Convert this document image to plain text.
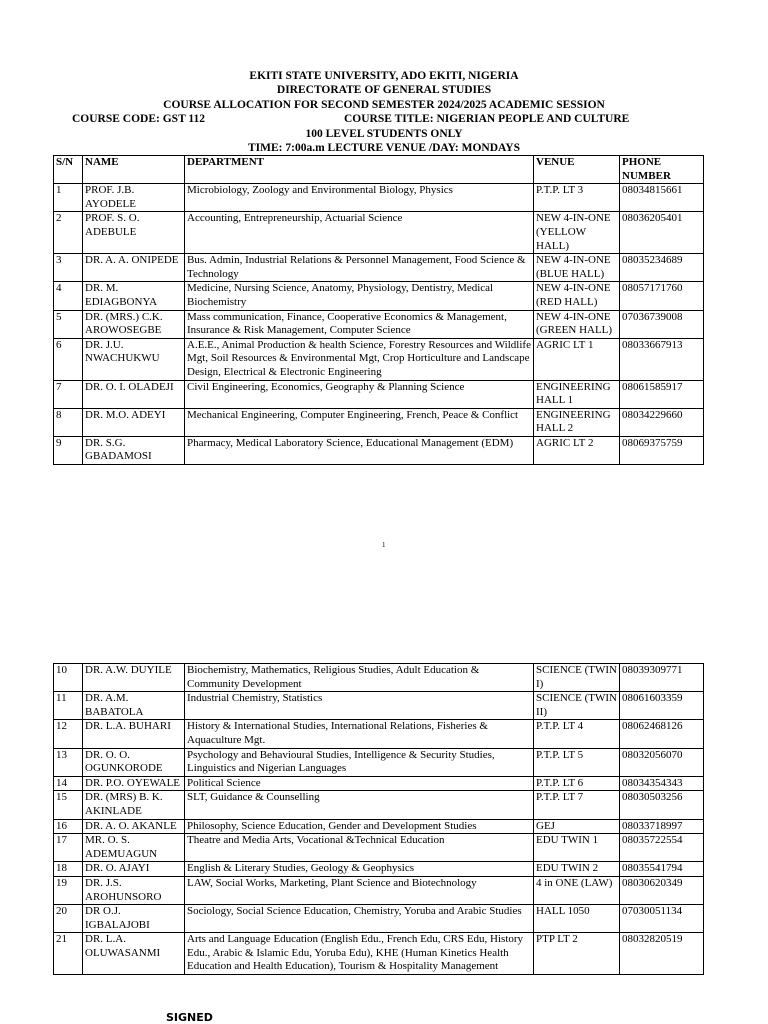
EKITI STATE UNIVERSITY, ADO EKITI, NIGERIA
DIRECTORATE OF GENERAL STUDIES
COURSE ALLOCATION FOR SECOND SEMESTER 2024/2025 ACADEMIC SESSION
COURSE CODE: GST 112	COURSE TITLE: NIGERIAN PEOPLE AND CULTURE
100 LEVEL STUDENTS ONLY
TIME: 7:00a.m LECTURE VENUE /DAY: MONDAYS
S/N	NAME	DEPARTMENT	VENUE	PHONE NUMBER
1	PROF. J.B. AYODELE	Microbiology, Zoology and Environmental Biology, Physics	P.T.P. LT 3	08034815661
2	PROF. S. O. ADEBULE	Accounting, Entrepreneurship, Actuarial Science	NEW 4-IN-ONE (YELLOW HALL)	08036205401
3	DR. A. A. ONIPEDE	Bus. Admin, Industrial Relations & Personnel Management, Food Science & Technology	NEW 4-IN-ONE (BLUE HALL)	08035234689
4	DR. M. EDIAGBONYA	Medicine, Nursing Science, Anatomy, Physiology, Dentistry, Medical Biochemistry	NEW 4-IN-ONE (RED HALL)	08057171760
5	DR. (MRS.) C.K. AROWOSEGBE	Mass communication, Finance, Cooperative Economics & Management, Insurance & Risk Management, Computer Science	NEW 4-IN-ONE (GREEN HALL)	07036739008
6	DR. J.U. NWACHUKWU	A.E.E., Animal Production & health Science, Forestry Resources and Wildlife Mgt, Soil Resources & Environmental Mgt, Crop Horticulture and Landscape Design, Electrical & Electronic Engineering	AGRIC LT 1	08033667913
7	DR. O. I. OLADEJI	Civil Engineering, Economics, Geography & Planning Science	ENGINEERING HALL 1	08061585917
8	DR. M.O. ADEYI	Mechanical Engineering, Computer Engineering, French, Peace & Conflict	ENGINEERING HALL 2	08034229660
9	DR. S.G. GBADAMOSI	Pharmacy, Medical Laboratory Science, Educational Management (EDM)	AGRIC LT 2	08069375759
1
10	DR. A.W. DUYILE	Biochemistry, Mathematics, Religious Studies, Adult Education & Community Development	SCIENCE (TWIN I)	08039309771
11	DR. A.M. BABATOLA	Industrial Chemistry, Statistics	SCIENCE (TWIN II)	08061603359
12	DR. L.A. BUHARI	History & International Studies, International Relations, Fisheries & Aquaculture Mgt.	P.T.P. LT 4	08062468126
13	DR. O. O. OGUNKORODE	Psychology and Behavioural Studies, Intelligence & Security Studies, Linguistics and Nigerian Languages	P.T.P. LT 5	08032056070
14	DR. P.O. OYEWALE	Political Science	P.T.P. LT 6	08034354343
15	DR. (MRS) B. K. AKINLADE	SLT, Guidance & Counselling	P.T.P. LT 7	08030503256
16	DR. A. O. AKANLE	Philosophy, Science Education, Gender and Development Studies	GEJ	08033718997
17	MR. O. S. ADEMUAGUN	Theatre and Media Arts, Vocational &Technical Education	EDU TWIN 1	08035722554
18	DR. O. AJAYI	English & Literary Studies, Geology & Geophysics	EDU TWIN 2	08035541794
19	DR. J.S. AROHUNSORO	LAW, Social Works, Marketing, Plant Science and Biotechnology	4 in ONE (LAW)	08030620349
20	DR O.J. IGBALAJOBI	Sociology, Social Science Education, Chemistry, Yoruba and Arabic Studies	HALL 1050	07030051134
21	DR. L.A. OLUWASANMI	Arts and Language Education (English Edu., French Edu, CRS Edu, History Edu., Arabic & Islamic Edu, Yoruba Edu), KHE (Human Kinetics Health Education and Health Education), Tourism & Hospitality Management	PTP LT 2	08032820519
SIGNED
